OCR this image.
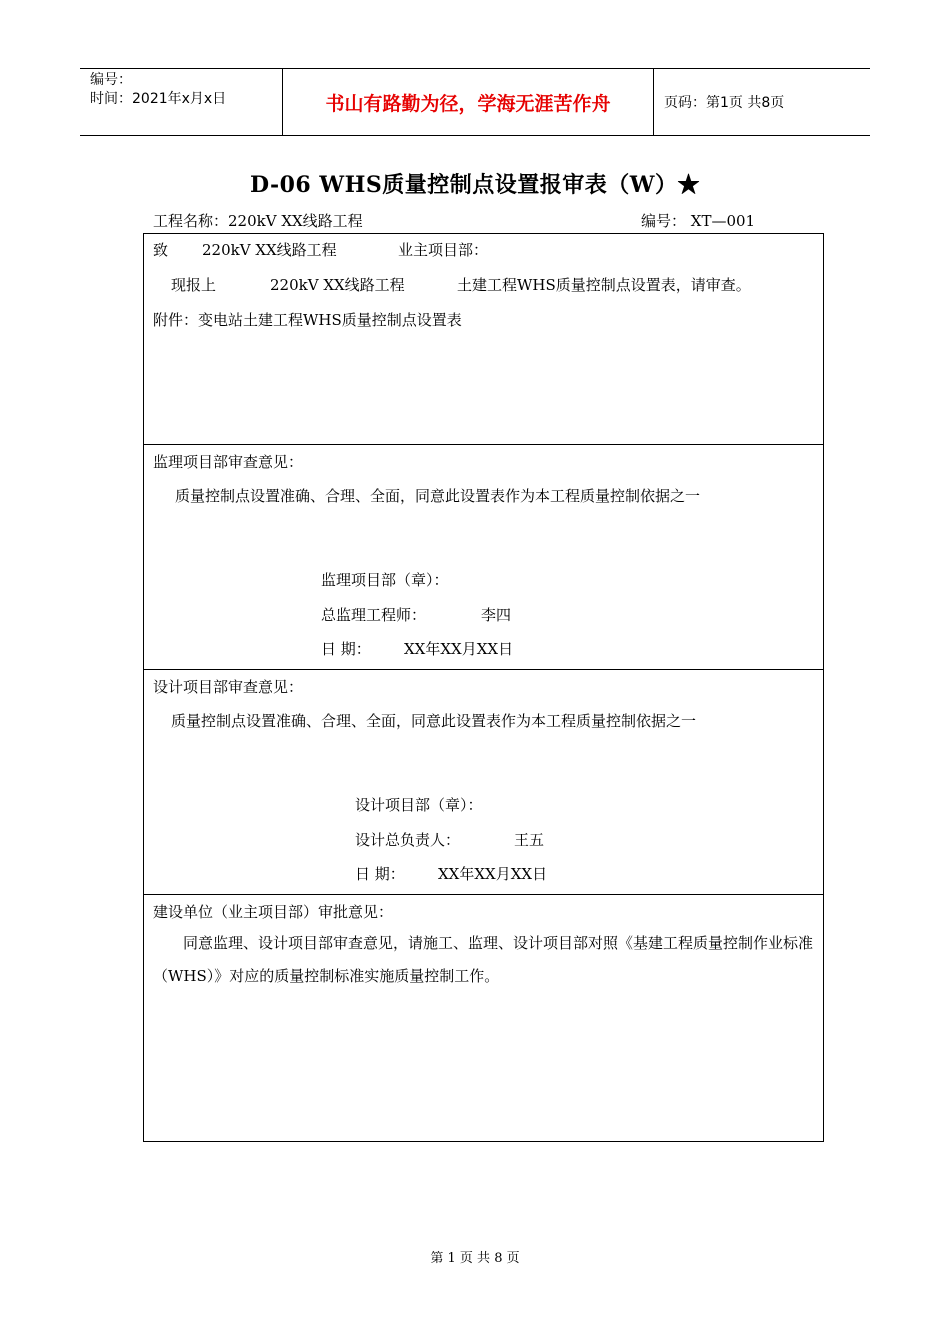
编号：
时间：2021年x月x日	书山有路勤为径，学海无涯苦作舟	页码：第1页 共8页
D-06 WHS质量控制点设置报审表（W）★
工程名称：220kV XX线路工程	编号： XT—001
致 220kV XX线路工程	业主项目部：
现报上	220kV XX线路工程	土建工程WHS质量控制点设置表，请审查。
附件：变电站土建工程WHS质量控制点设置表
监理项目部审查意见：
质量控制点设置准确、合理、全面，同意此设置表作为本工程质量控制依据之一
监理项目部（章）：
总监理工程师：	李四
日 期： XX年XX月XX日
设计项目部审查意见：
质量控制点设置准确、合理、全面，同意此设置表作为本工程质量控制依据之一
设计项目部（章）：
设计总负责人：	王五
日 期： XX年XX月XX日
建设单位（业主项目部）审批意见：
同意监理、设计项目部审查意见，请施工、监理、设计项目部对照《基建工程质量控制作业标准（WHS）》对应的质量控制标准实施质量控制工作。
第 1 页 共 8 页
